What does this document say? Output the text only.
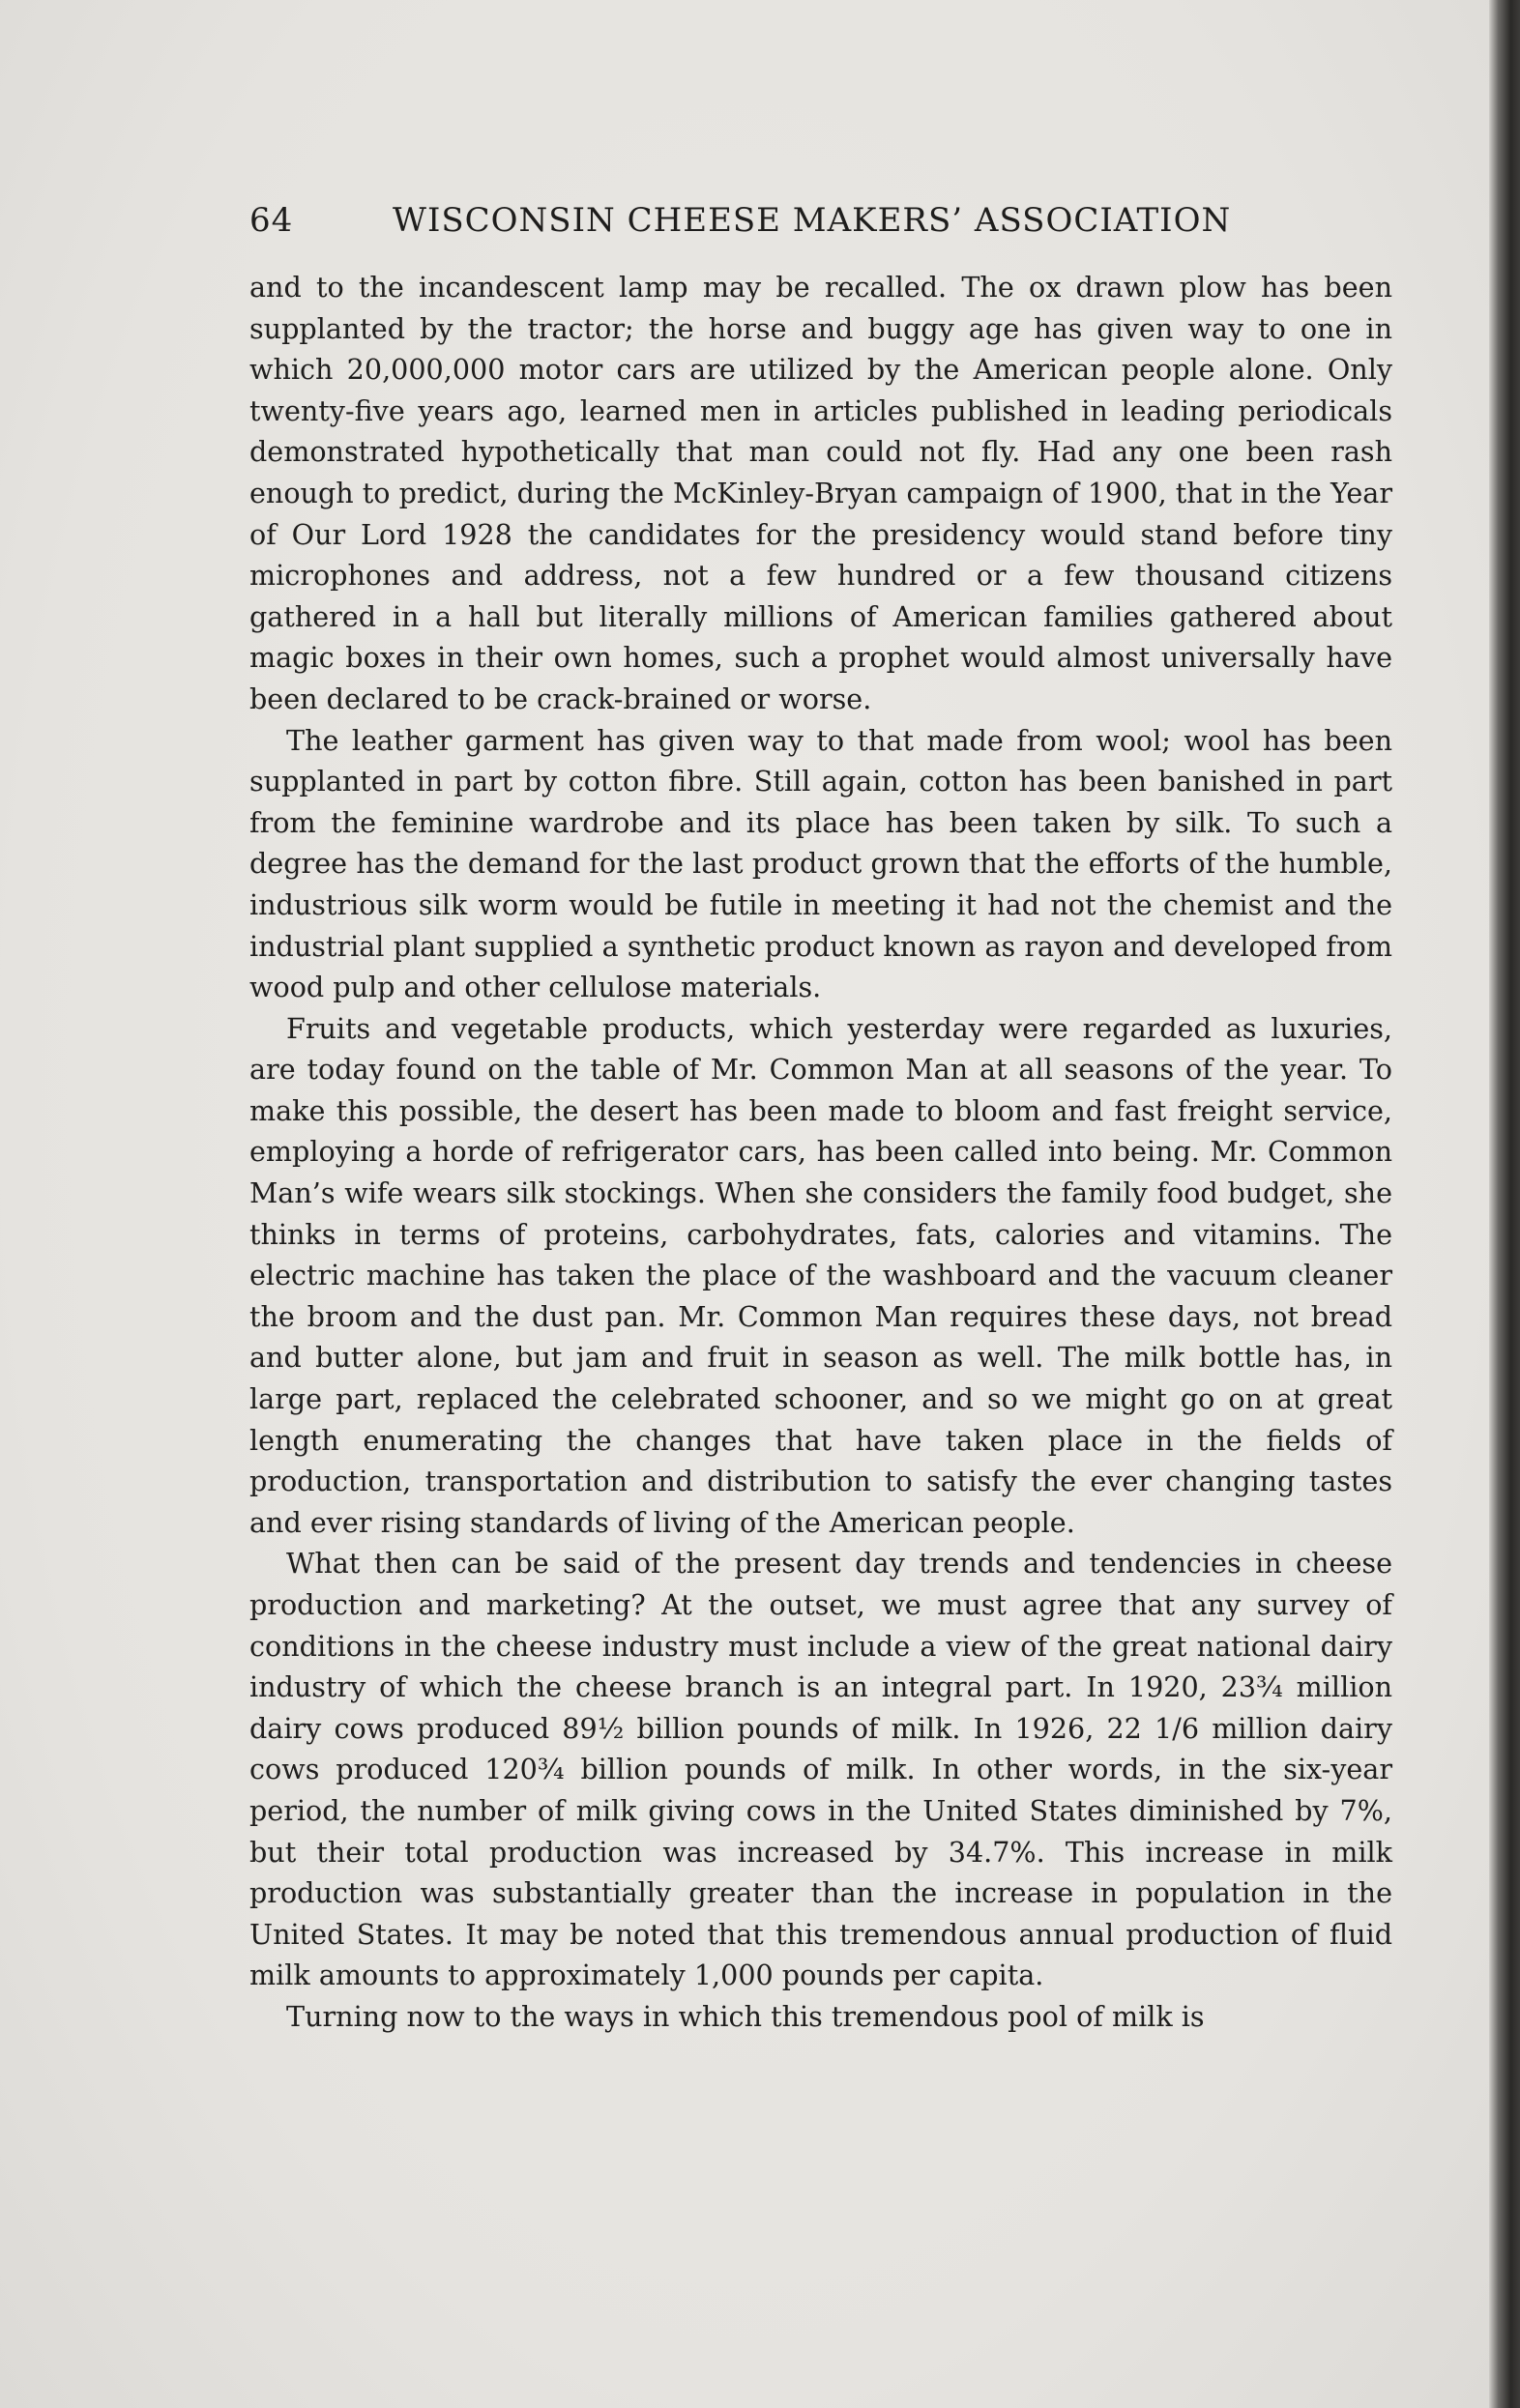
64	WISCONSIN CHEESE MAKERS’ ASSOCIATION

and to the incandescent lamp may be recalled. The ox drawn plow has been supplanted by the tractor; the horse and buggy age has given way to one in which 20,000,000 motor cars are utilized by the American people alone. Only twenty-five years ago, learned men in articles published in leading periodicals demonstrated hypothetically that man could not fly. Had any one been rash enough to predict, during the McKinley-Bryan campaign of 1900, that in the Year of Our Lord 1928 the candidates for the presidency would stand before tiny microphones and address, not a few hundred or a few thousand citizens gathered in a hall but literally millions of American families gathered about magic boxes in their own homes, such a prophet would almost universally have been declared to be crack-brained or worse.

The leather garment has given way to that made from wool; wool has been supplanted in part by cotton fibre. Still again, cotton has been banished in part from the feminine wardrobe and its place has been taken by silk. To such a degree has the demand for the last product grown that the efforts of the humble, industrious silk worm would be futile in meeting it had not the chemist and the industrial plant supplied a synthetic product known as rayon and developed from wood pulp and other cellulose materials.

Fruits and vegetable products, which yesterday were regarded as luxuries, are today found on the table of Mr. Common Man at all seasons of the year. To make this possible, the desert has been made to bloom and fast freight service, employing a horde of refrigerator cars, has been called into being. Mr. Common Man’s wife wears silk stockings. When she considers the family food budget, she thinks in terms of proteins, carbohydrates, fats, calories and vitamins. The electric machine has taken the place of the washboard and the vacuum cleaner the broom and the dust pan. Mr. Common Man requires these days, not bread and butter alone, but jam and fruit in season as well. The milk bottle has, in large part, replaced the celebrated schooner, and so we might go on at great length enumerating the changes that have taken place in the fields of production, transportation and distribution to satisfy the ever changing tastes and ever rising standards of living of the American people.

What then can be said of the present day trends and tendencies in cheese production and marketing? At the outset, we must agree that any survey of conditions in the cheese industry must include a view of the great national dairy industry of which the cheese branch is an integral part. In 1920, 23¾ million dairy cows produced 89½ billion pounds of milk. In 1926, 22 1/6 million dairy cows produced 120¾ billion pounds of milk. In other words, in the six-year period, the number of milk giving cows in the United States diminished by 7%, but their total production was increased by 34.7%. This increase in milk production was substantially greater than the increase in population in the United States. It may be noted that this tremendous annual production of fluid milk amounts to approximately 1,000 pounds per capita.

Turning now to the ways in which this tremendous pool of milk is
